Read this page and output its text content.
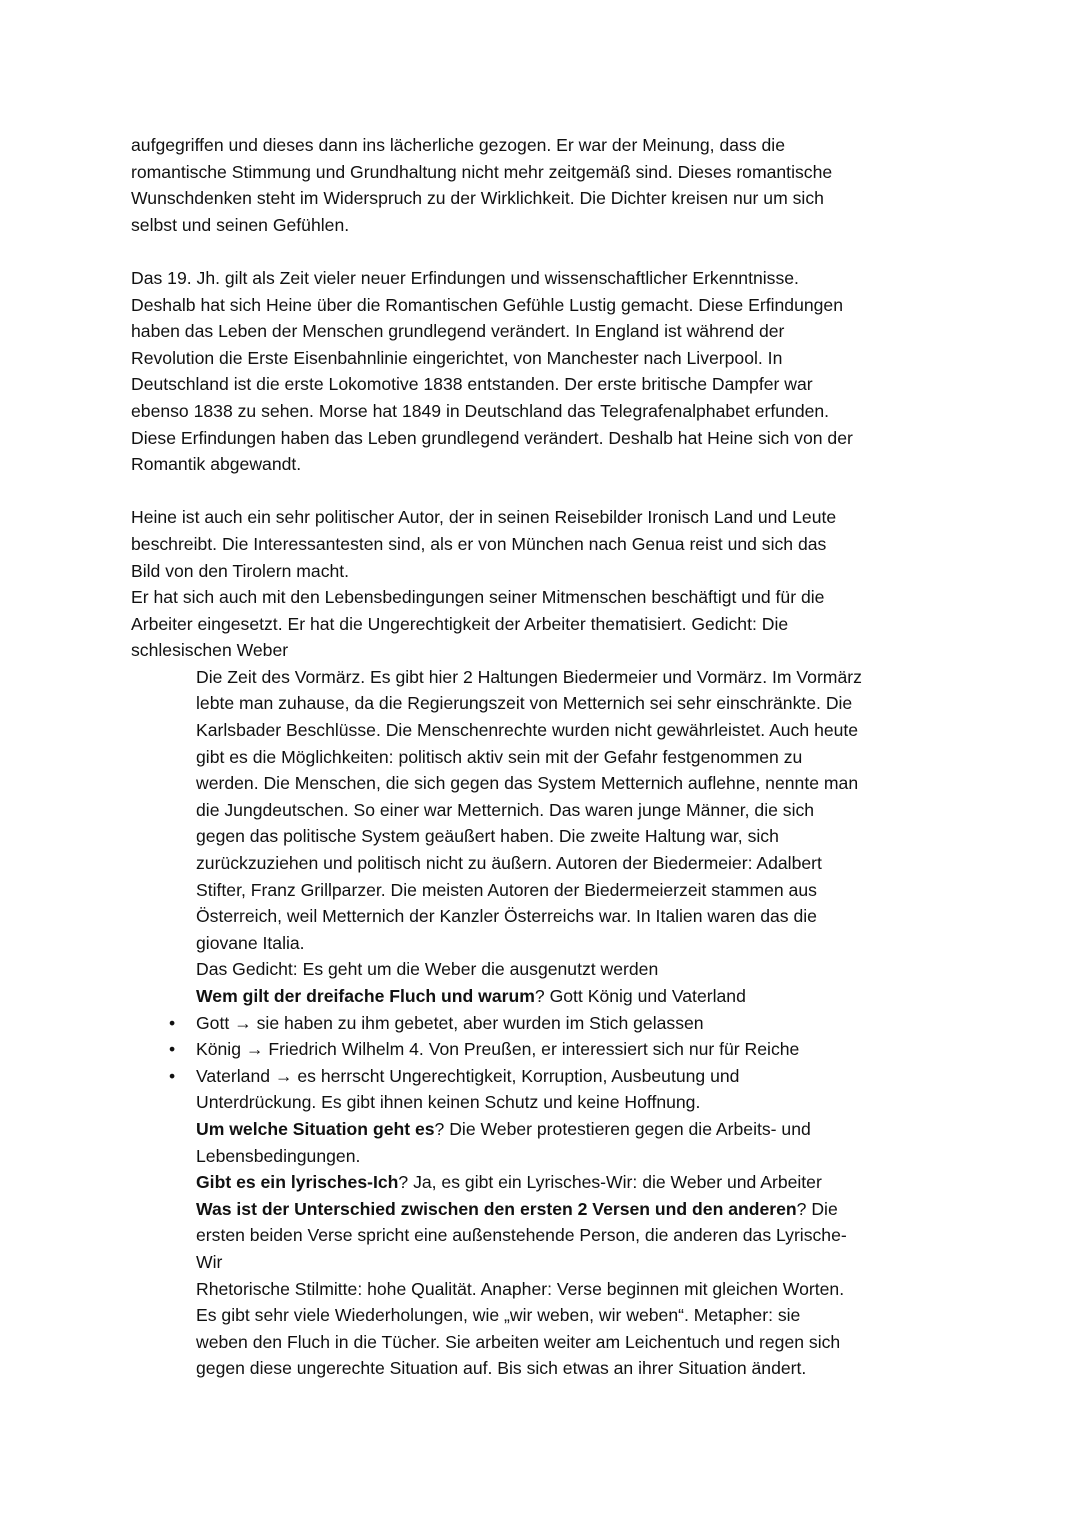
aufgegriffen und dieses dann ins lächerliche gezogen. Er war der Meinung, dass die
romantische Stimmung und Grundhaltung nicht mehr zeitgemäß sind. Dieses romantische
Wunschdenken steht im Widerspruch zu der Wirklichkeit. Die Dichter kreisen nur um sich
selbst und seinen Gefühlen.
Das 19. Jh. gilt als Zeit vieler neuer Erfindungen und wissenschaftlicher Erkenntnisse.
Deshalb hat sich Heine über die Romantischen Gefühle Lustig gemacht. Diese Erfindungen
haben das Leben der Menschen grundlegend verändert. In England ist während der
Revolution die Erste Eisenbahnlinie eingerichtet, von Manchester nach Liverpool. In
Deutschland ist die erste Lokomotive 1838 entstanden. Der erste britische Dampfer war
ebenso 1838 zu sehen. Morse hat 1849 in Deutschland das Telegrafenalphabet erfunden.
Diese Erfindungen haben das Leben grundlegend verändert. Deshalb hat Heine sich von der
Romantik abgewandt.
Heine ist auch ein sehr politischer Autor, der in seinen Reisebilder Ironisch Land und Leute
beschreibt. Die Interessantesten sind, als er von München nach Genua reist und sich das
Bild von den Tirolern macht.
Er hat sich auch mit den Lebensbedingungen seiner Mitmenschen beschäftigt und für die
Arbeiter eingesetzt. Er hat die Ungerechtigkeit der Arbeiter thematisiert. Gedicht: Die
schlesischen Weber
Die Zeit des Vormärz. Es gibt hier 2 Haltungen Biedermeier und Vormärz. Im Vormärz
lebte man zuhause, da die Regierungszeit von Metternich sei sehr einschränkte. Die
Karlsbader Beschlüsse. Die Menschenrechte wurden nicht gewährleistet. Auch heute
gibt es die Möglichkeiten: politisch aktiv sein mit der Gefahr festgenommen zu
werden. Die Menschen, die sich gegen das System Metternich auflehne, nennte man
die Jungdeutschen. So einer war Metternich. Das waren junge Männer, die sich
gegen das politische System geäußert haben. Die zweite Haltung war, sich
zurückzuziehen und politisch nicht zu äußern. Autoren der Biedermeier: Adalbert
Stifter, Franz Grillparzer. Die meisten Autoren der Biedermeierzeit stammen aus
Österreich, weil Metternich der Kanzler Österreichs war. In Italien waren das die
giovane Italia.
Das Gedicht: Es geht um die Weber die ausgenutzt werden
Wem gilt der dreifache Fluch und warum? Gott König und Vaterland
• Gott → sie haben zu ihm gebetet, aber wurden im Stich gelassen
• König → Friedrich Wilhelm 4. Von Preußen, er interessiert sich nur für Reiche
• Vaterland → es herrscht Ungerechtigkeit, Korruption, Ausbeutung und
Unterdrückung. Es gibt ihnen keinen Schutz und keine Hoffnung.
Um welche Situation geht es? Die Weber protestieren gegen die Arbeits- und
Lebensbedingungen.
Gibt es ein lyrisches-Ich? Ja, es gibt ein Lyrisches-Wir: die Weber und Arbeiter
Was ist der Unterschied zwischen den ersten 2 Versen und den anderen? Die
ersten beiden Verse spricht eine außenstehende Person, die anderen das Lyrische-
Wir
Rhetorische Stilmitte: hohe Qualität. Anapher: Verse beginnen mit gleichen Worten.
Es gibt sehr viele Wiederholungen, wie „wir weben, wir weben“. Metapher: sie
weben den Fluch in die Tücher. Sie arbeiten weiter am Leichentuch und regen sich
gegen diese ungerechte Situation auf. Bis sich etwas an ihrer Situation ändert.
